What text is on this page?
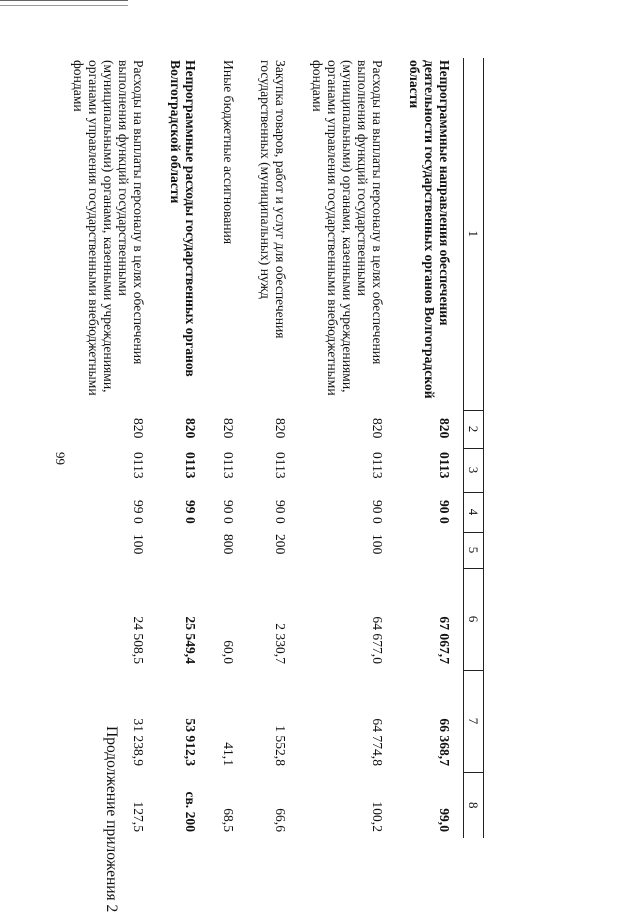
99
Продолжение приложения 2
1	2	3	4	5	6	7	8
Непрограммные направления обеспечения деятельности государственных органов Волгоградской области	820	0113	90 0		67 067,7	66 368,7	99,0
Расходы на выплаты персоналу в целях обеспечения выполнения функций государственными (муниципальными) органами, казенными учреждениями, органами управления государственными внебюджетными фондами	820	0113	90 0	100	64 677,0	64 774,8	100,2
Закупка товаров, работ и услуг для обеспечения государственных (муниципальных) нужд	820	0113	90 0	200	2 330,7	1 552,8	66,6
Иные бюджетные ассигнования	820	0113	90 0	800	60,0	41,1	68,5
Непрограммные расходы государственных органов Волгоградской области	820	0113	99 0		25 549,4	53 912,3	св. 200
Расходы на выплаты персоналу в целях обеспечения выполнения функций государственными (муниципальными) органами, казенными учреждениями, органами управления государственными внебюджетными фондами	820	0113	99 0	100	24 508,5	31 238,9	127,5
